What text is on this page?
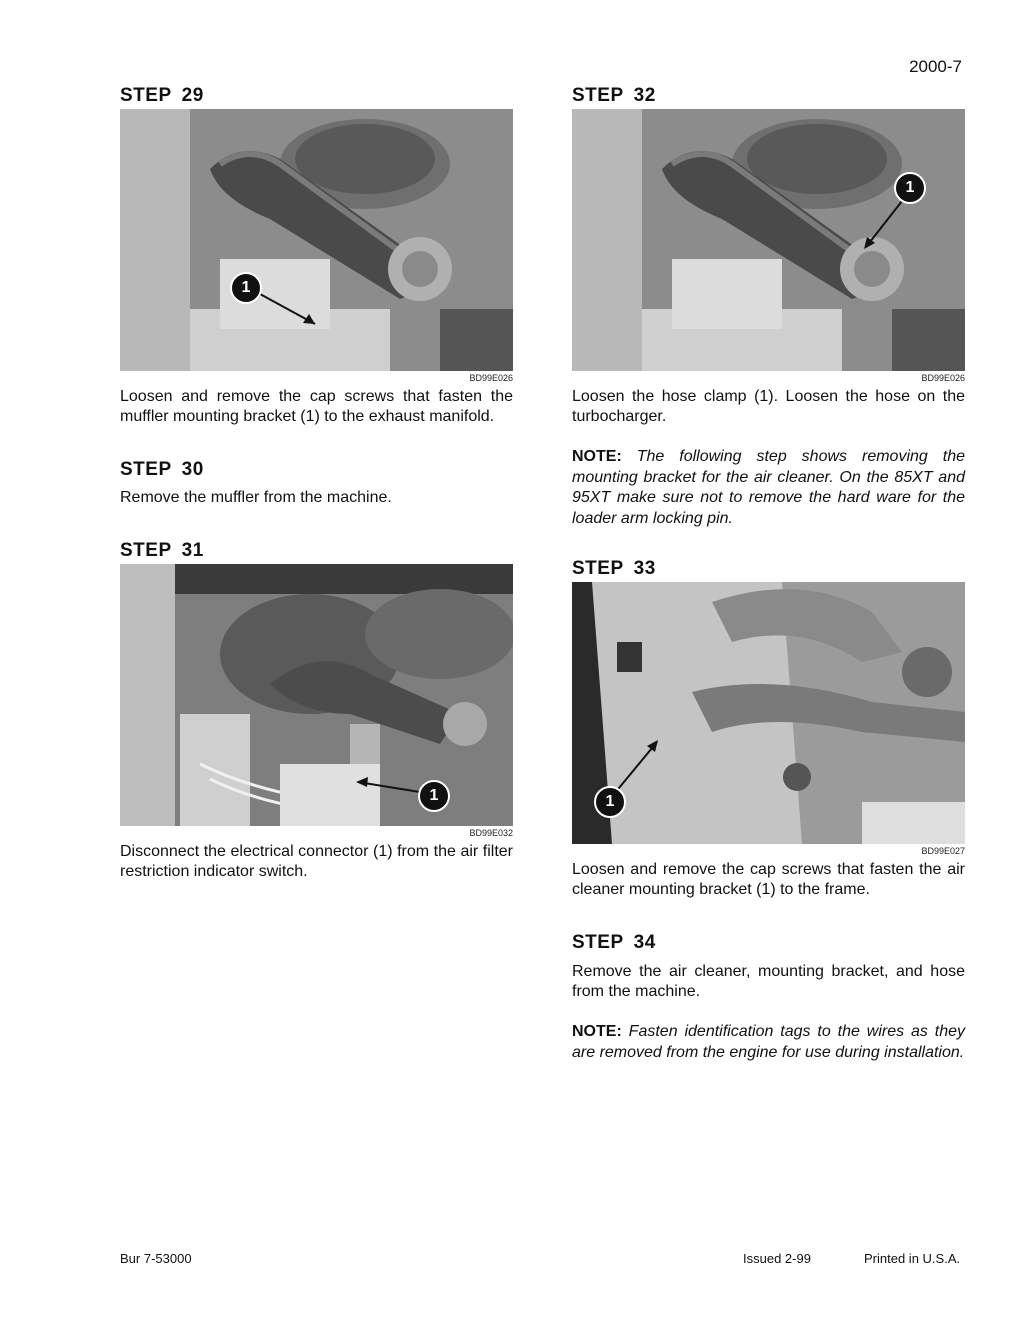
2000-7
STEP 29
1
BD99E026
Loosen and remove the cap screws that fasten the muffler mounting bracket (1) to the exhaust manifold.
STEP 30
Remove the muffler from the machine.
STEP 31
1
BD99E032
Disconnect the electrical connector (1) from the air filter restriction indicator switch.
STEP 32
1
BD99E026
Loosen the hose clamp (1). Loosen the hose on the turbocharger.
NOTE: The following step shows removing the mounting bracket for the air cleaner. On the 85XT and 95XT make sure not to remove the hard ware for the loader arm locking pin.
STEP 33
1
BD99E027
Loosen and remove the cap screws that fasten the air cleaner mounting bracket (1) to the frame.
STEP 34
Remove the air cleaner, mounting bracket, and hose from the machine.
NOTE: Fasten identification tags to the wires as they are removed from the engine for use during installation.
Bur 7-53000	Issued 2-99	Printed in U.S.A.
